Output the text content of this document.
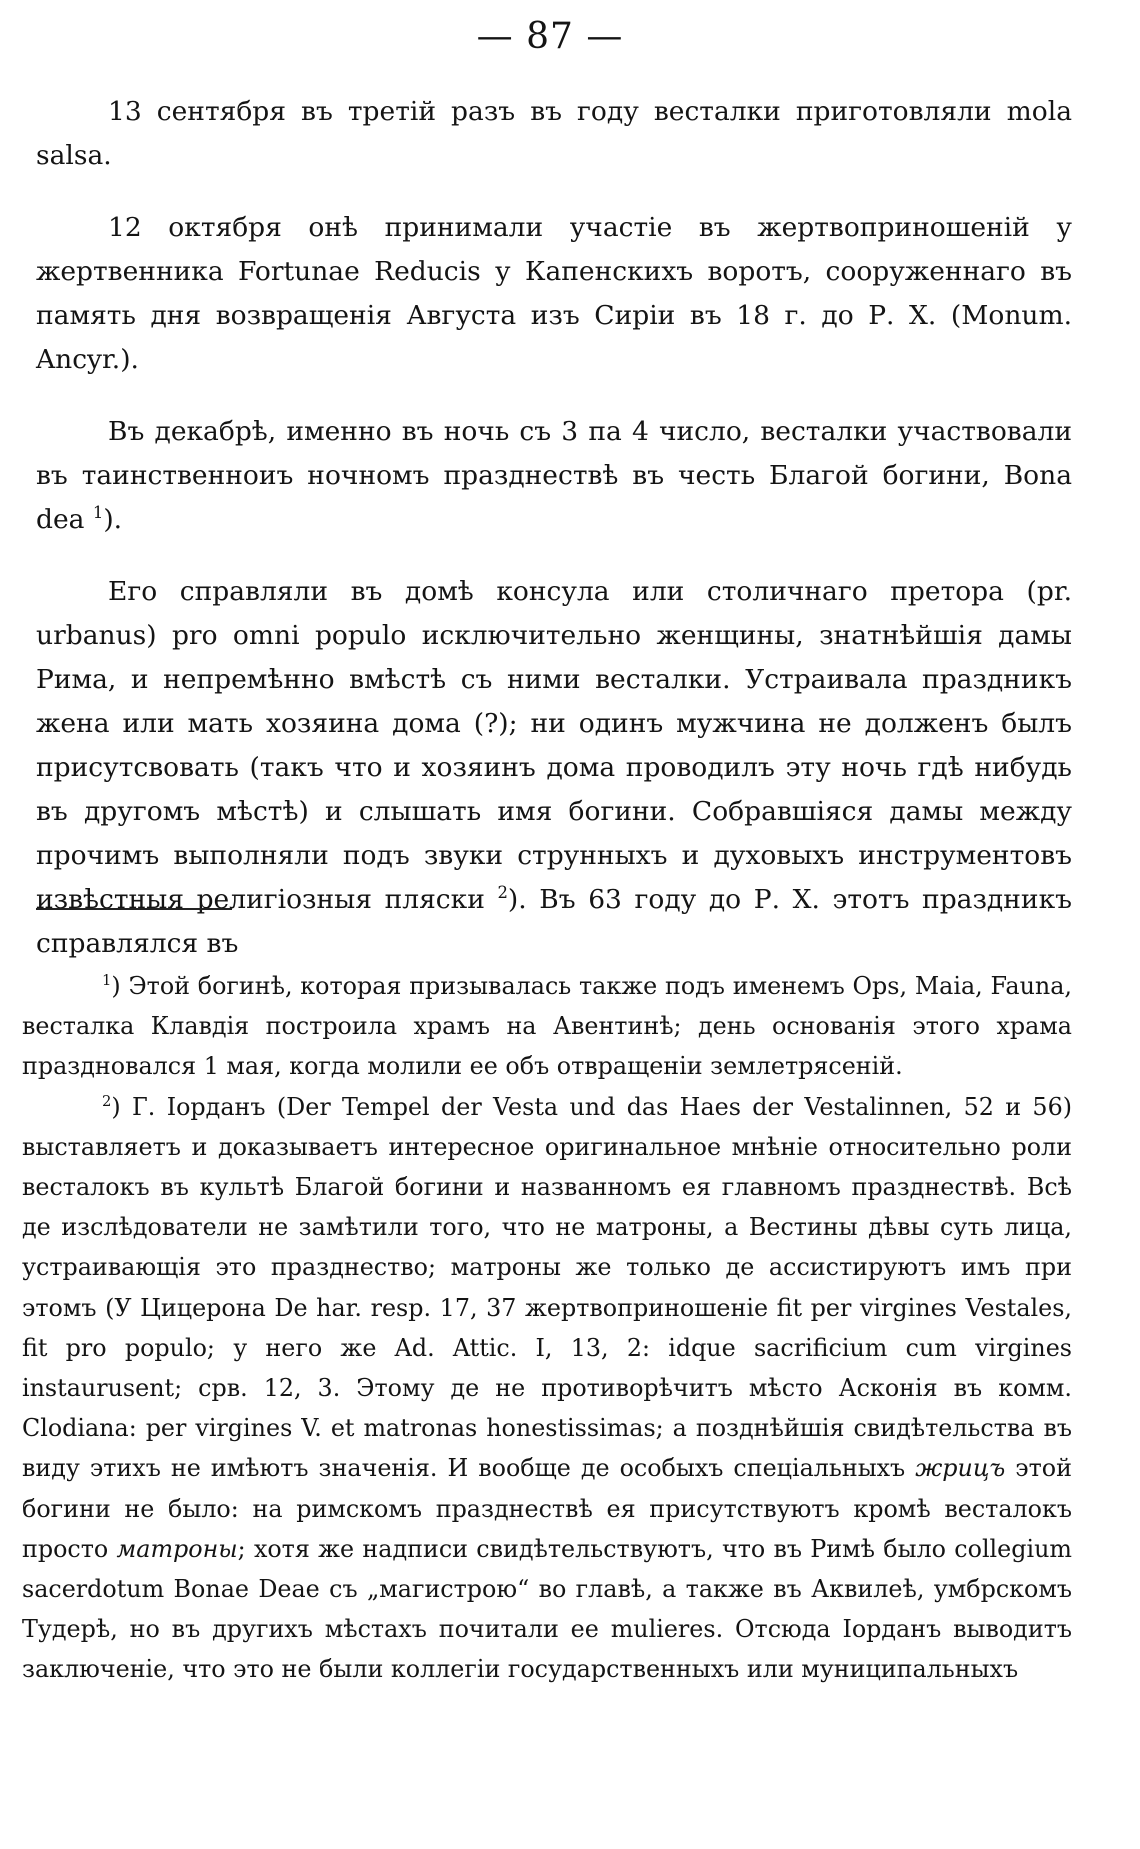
— 87 —

13 сентября въ третій разъ въ году весталки приготовляли mola salsa.

12 октября онѣ принимали участіе въ жертвоприношеній у жертвенника Fortunae Reducis у Капенскихъ воротъ, сооруженнаго въ память дня возвращенія Августа изъ Сиріи въ 18 г. до Р. Х. (Monum. Ancyr.).

Въ декабрѣ, именно въ ночь съ 3 па 4 число, весталки участвовали въ таинственноиъ ночномъ празднествѣ въ честь Благой богини, Bona dea $^1$).

Его справляли въ домѣ консула или столичнаго претора (pr. urbanus) pro omni populo исключительно женщины, знатнѣйшія дамы Рима, и непремѣнно вмѣстѣ съ ними весталки. Устраивала праздникъ жена или мать хозяина дома (?); ни одинъ мужчина не долженъ былъ присутсвовать (такъ что и хозяинъ дома проводилъ эту ночь гдѣ нибудь въ другомъ мѣстѣ) и слышать имя богини. Собравшіяся дамы между прочимъ выполняли подъ звуки струнныхъ и духовыхъ инструментовъ извѣстныя религіозныя пляски $^2$). Въ 63 году до Р. Х. этотъ праздникъ справлялся въ

$^1$) Этой богинѣ, которая призывалась также подъ именемъ Ops, Maia, Fauna, весталка Клавдія построила храмъ на Авентинѣ; день основанія этого храма праздновался 1 мая, когда молили ее объ отвращеніи землетрясеній.

$^2$) Г. Іорданъ (Der Tempel der Vesta und das Haes der Vestalinnen, 52 и 56) выставляетъ и доказываетъ интересное оригинальное мнѣніе относительно роли весталокъ въ культѣ Благой богини и названномъ ея главномъ празднествѣ. Всѣ де изслѣдователи не замѣтили того, что не матроны, а Вестины дѣвы суть лица, устраивающія это празднество; матроны же только де ассистируютъ имъ при этомъ (У Цицерона De har. resp. 17, 37 жертвоприношеніе fit per virgines Vestales, fit pro populo; у него же Ad. Attic. I, 13, 2: idque sacrificium cum virgines instaurusent; срв. 12, 3. Этому де не противорѣчитъ мѣсто Асконія въ комм. Clodiana: per virgines V. et matronas honestissimas; а позднѣйшія свидѣтельства въ виду этихъ не имѣютъ значенія. И вообще де особыхъ спеціальныхъ жрицъ этой богини не было: на римскомъ празднествѣ ея присутствуютъ кромѣ весталокъ просто матроны; хотя же надписи свидѣтельствуютъ, что въ Римѣ было collegium sacerdotum Bonae Deae съ „магистрою“ во главѣ, а также въ Аквилеѣ, умбрскомъ Тудерѣ, но въ другихъ мѣстахъ почитали ее mulieres. Отсюда Іорданъ выводитъ заключеніе, что это не были коллегіи государственныхъ или муниципальныхъ
